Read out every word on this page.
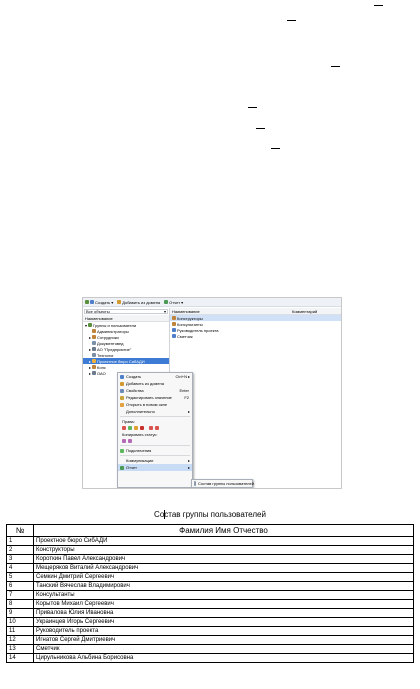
Создать ▾ Добавить из домена Отчет ▾
Все объекты	▾
Наименование
▾ Группы и пользователи
Администраторы
▸ Сотрудники
Документовед
▸ АО "Предприятие"
Технолог
▸ Проектное бюро СибАДИ
▸ Конс
▸ ОАО
Наименование	Комментарий
Конструкторы
Консультанты
Руководитель проекта
Сметчик
Создать	Ctrl+N ▸
Добавить из домена
Свойства	Enter
Редактировать значение	F2
Открыть в новом окне
Дополнительно	▸
Права:
Копировать статус:
Подключения
Коммуникации	▸
Отчет	▸
Состав группы пользователей
Состав группы пользователей
№	Фамилия Имя Отчество
1	Проектное бюро СибАДИ
2	Конструкторы
3	Короткин Павел Александрович
4	Мещеряков Виталий Александрович
5	Семкин Дмитрий Сергеевич
6	Танский Вячеслав Владимирович
7	Консультанты
8	Корытов Михаил Сергеевич
9	Привалова Юлия Ивановна
10	Украинцев Игорь Сергеевич
11	Руководитель проекта
12	Игнатов Сергей Дмитриевич
13	Сметчик
14	Цирульникова Альбина Борисовна
